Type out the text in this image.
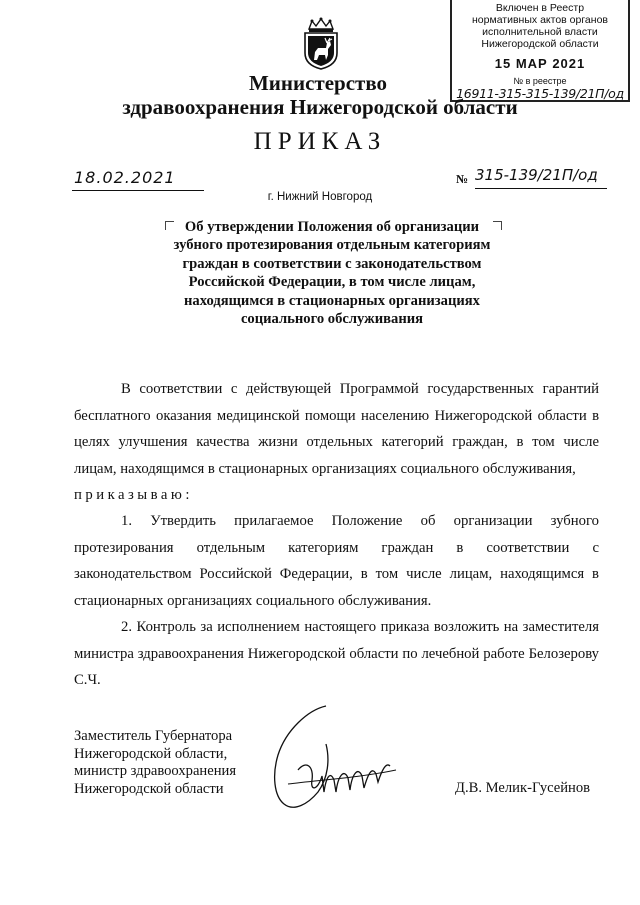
Включен в Реестр
нормативных актов органов
исполнительной власти
Нижегородской области
15 МАР 2021
№ в реестре
16911-315-315-139/21П/од
Министерство
здравоохранения Нижегородской области
ПРИКАЗ
18.02.2021
г. Нижний Новгород
№ 315-139/21П/од
Об утверждении Положения об организации зубного протезирования отдельным категориям граждан в соответствии с законодательством Российской Федерации, в том числе лицам, находящимся в стационарных организациях социального обслуживания
В соответствии с действующей Программой государственных гарантий бесплатного оказания медицинской помощи населению Нижегородской области в целях улучшения качества жизни отдельных категорий граждан, в том числе лицам, находящимся в стационарных организациях социального обслуживания,
приказываю:
1. Утвердить прилагаемое Положение об организации зубного протезирования отдельным категориям граждан в соответствии с законодательством Российской Федерации, в том числе лицам, находящимся в стационарных организациях социального обслуживания.
2. Контроль за исполнением настоящего приказа возложить на заместителя министра здравоохранения Нижегородской области по лечебной работе Белозерову С.Ч.
Заместитель Губернатора
Нижегородской области,
министр здравоохранения
Нижегородской области	Д.В. Мелик-Гусейнов
